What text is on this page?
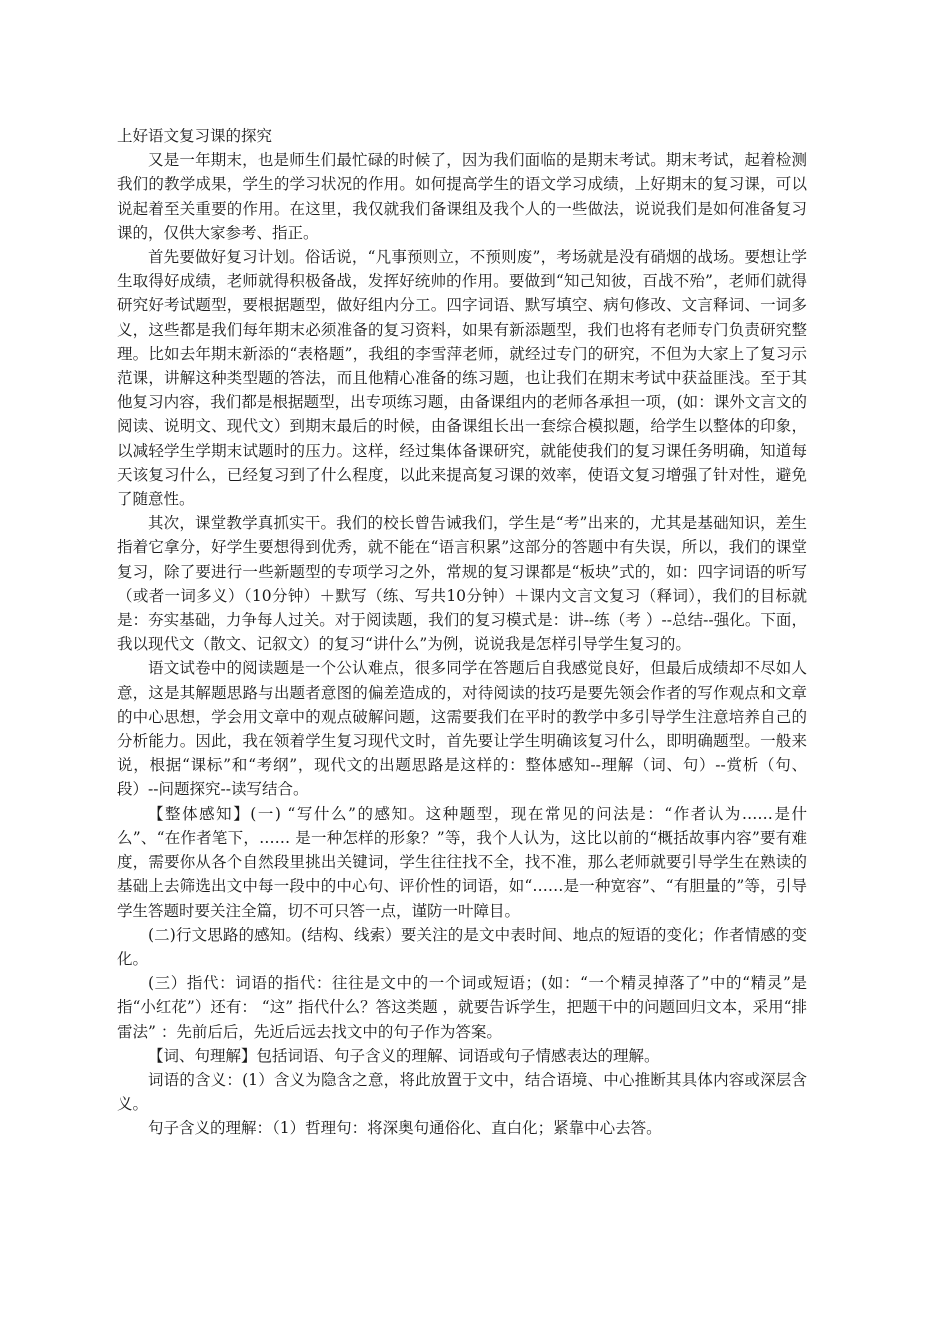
上好语文复习课的探究

又是一年期末，也是师生们最忙碌的时候了，因为我们面临的是期末考试。期末考试，起着检测我们的教学成果，学生的学习状况的作用。如何提高学生的语文学习成绩，上好期末的复习课，可以说起着至关重要的作用。在这里，我仅就我们备课组及我个人的一些做法，说说我们是如何准备复习课的，仅供大家参考、指正。

首先要做好复习计划。俗话说，“凡事预则立，不预则废”，考场就是没有硝烟的战场。要想让学生取得好成绩，老师就得积极备战，发挥好统帅的作用。要做到“知己知彼，百战不殆”，老师们就得研究好考试题型，要根据题型，做好组内分工。四字词语、默写填空、病句修改、文言释词、一词多义，这些都是我们每年期末必须准备的复习资料，如果有新添题型，我们也将有老师专门负责研究整理。比如去年期末新添的“表格题”，我组的李雪萍老师，就经过专门的研究，不但为大家上了复习示范课，讲解这种类型题的答法，而且他精心准备的练习题，也让我们在期末考试中获益匪浅。至于其他复习内容，我们都是根据题型，出专项练习题，由备课组内的老师各承担一项，(如：课外文言文的阅读、说明文、现代文）到期末最后的时候，由备课组长出一套综合模拟题，给学生以整体的印象，以减轻学生学期末试题时的压力。这样，经过集体备课研究，就能使我们的复习课任务明确，知道每天该复习什么，已经复习到了什么程度，以此来提高复习课的效率，使语文复习增强了针对性，避免了随意性。

其次，课堂教学真抓实干。我们的校长曾告诫我们，学生是“考”出来的，尤其是基础知识，差生指着它拿分，好学生要想得到优秀，就不能在“语言积累”这部分的答题中有失误，所以，我们的课堂复习，除了要进行一些新题型的专项学习之外，常规的复习课都是“板块”式的，如：四字词语的听写（或者一词多义）（10分钟）＋默写（练、写共10分钟）＋课内文言文复习（释词），我们的目标就是：夯实基础，力争每人过关。对于阅读题，我们的复习模式是：讲--练（考 ）--总结--强化。下面，我以现代文（散文、记叙文）的复习“讲什么”为例，说说我是怎样引导学生复习的。

语文试卷中的阅读题是一个公认难点，很多同学在答题后自我感觉良好，但最后成绩却不尽如人意，这是其解题思路与出题者意图的偏差造成的，对待阅读的技巧是要先领会作者的写作观点和文章的中心思想，学会用文章中的观点破解问题，这需要我们在平时的教学中多引导学生注意培养自己的分析能力。因此，我在领着学生复习现代文时，首先要让学生明确该复习什么，即明确题型。一般来说，根据“课标”和“考纲”，现代文的出题思路是这样的：整体感知--理解（词、句）--赏析（句、段）--问题探究--读写结合。

【整体感知】(一) “写什么”的感知。这种题型，现在常见的问法是：“作者认为……是什么”、“在作者笔下，…… 是一种怎样的形象？”等，我个人认为，这比以前的“概括故事内容”要有难度，需要你从各个自然段里挑出关键词，学生往往找不全，找不准，那么老师就要引导学生在熟读的基础上去筛选出文中每一段中的中心句、评价性的词语，如“……是一种宽容”、“有胆量的”等，引导学生答题时要关注全篇，切不可只答一点，谨防一叶障目。

(二)行文思路的感知。(结构、线索）要关注的是文中表时间、地点的短语的变化；作者情感的变化。

(三）指代：词语的指代：往往是文中的一个词或短语；(如：“一个精灵掉落了”中的“精灵”是指“小红花”）还有： “这” 指代什么？答这类题 ，就要告诉学生，把题干中的问题回归文本，采用“排雷法” ：先前后后，先近后远去找文中的句子作为答案。

【词、句理解】包括词语、句子含义的理解、词语或句子情感表达的理解。

词语的含义：(1）含义为隐含之意，将此放置于文中，结合语境、中心推断其具体内容或深层含义。

句子含义的理解：（1）哲理句：将深奥句通俗化、直白化；紧靠中心去答。
